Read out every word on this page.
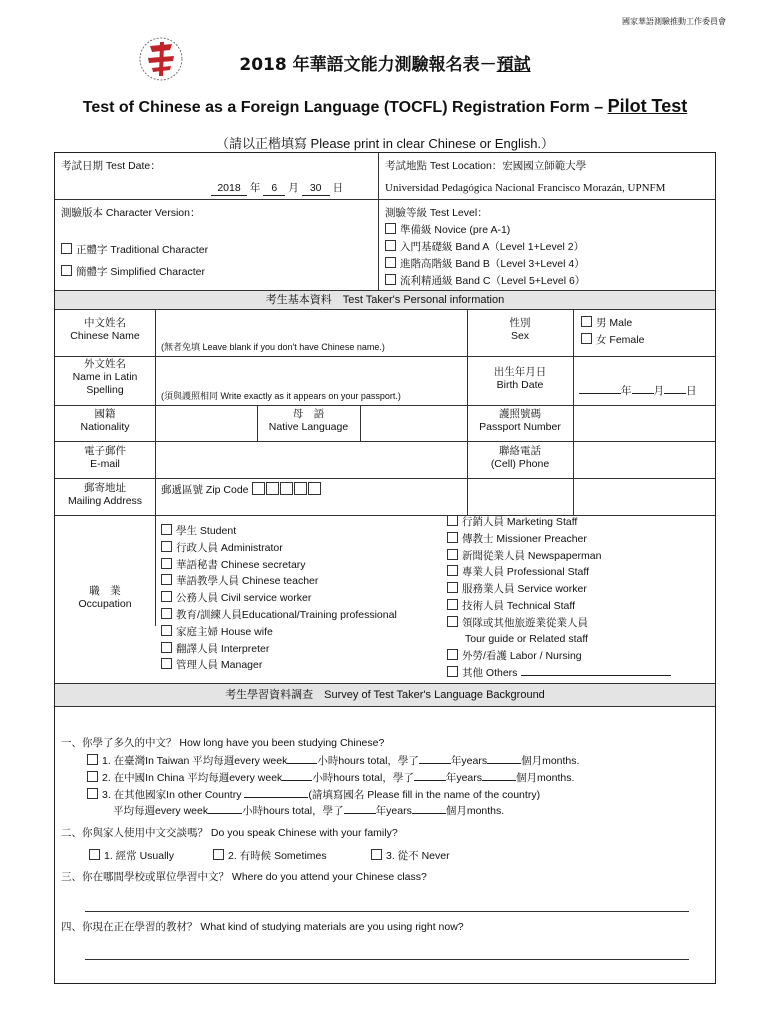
國家華語測驗推動工作委員會
2018 年華語文能力測驗報名表－預試
Test of Chinese as a Foreign Language (TOCFL) Registration Form – Pilot Test
（請以正楷填寫 Please print in clear Chinese or English.）
考試日期 Test Date：
2018 年 6 月 30 日
考試地點 Test Location：宏國國立師範大學
Universidad Pedagógica Nacional Francisco Morazán, UPNFM
測驗版本 Character Version：
正體字 Traditional Character
簡體字 Simplified Character
測驗等級 Test Level：
準備級 Novice (pre A-1)
入門基礎級 Band A（Level 1+Level 2）
進階高階級 Band B（Level 3+Level 4）
流利精通級 Band C（Level 5+Level 6）
考生基本資料　Test Taker's Personal information
中文姓名
Chinese Name
(無者免填 Leave blank if you don't have Chinese name.)
性別
Sex
男 Male
女 Female
外文姓名
Name in Latin
Spelling	(須與護照相同 Write exactly as it appears on your passport.)
出生年月日
Birth Date	年 月 日
國籍
Nationality
母　語
Native Language
護照號碼
Passport Number
電子郵件
E-mail
聯絡電話
(Cell) Phone
郵寄地址
Mailing Address
郵遞區號 Zip Code
職　業
Occupation
學生 Student
行政人員 Administrator
華語秘書 Chinese secretary
華語教學人員 Chinese teacher
公務人員 Civil service worker
教育/訓練人員Educational/Training professional
家庭主婦 House wife
翻譯人員 Interpreter
管理人員 Manager
行銷人員 Marketing Staff
傳教士 Missioner Preacher
新聞從業人員 Newspaperman
專業人員 Professional Staff
服務業人員 Service worker
技術人員 Technical Staff
領隊或其他旅遊業從業人員
Tour guide or Related staff
外勞/看護 Labor / Nursing
其他 Others
考生學習資料調查　Survey of Test Taker's Language Background
一、你學了多久的中文？ How long have you been studying Chinese?
1. 在臺灣In Taiwan 平均每週every week	小時hours total，學了	年years	個月months.
2. 在中國In China 平均每週every week	小時hours total，學了	年years	個月months.
3. 在其他國家In other Country	(請填寫國名 Please fill in the name of the country)
平均每週every week	小時hours total，學了	年years	個月months.
二、你與家人使用中文交談嗎？ Do you speak Chinese with your family?
1. 經常 Usually	2. 有時候 Sometimes	3. 從不 Never
三、你在哪間學校或單位學習中文？ Where do you attend your Chinese class?
四、你現在正在學習的教材？ What kind of studying materials are you using right now?
